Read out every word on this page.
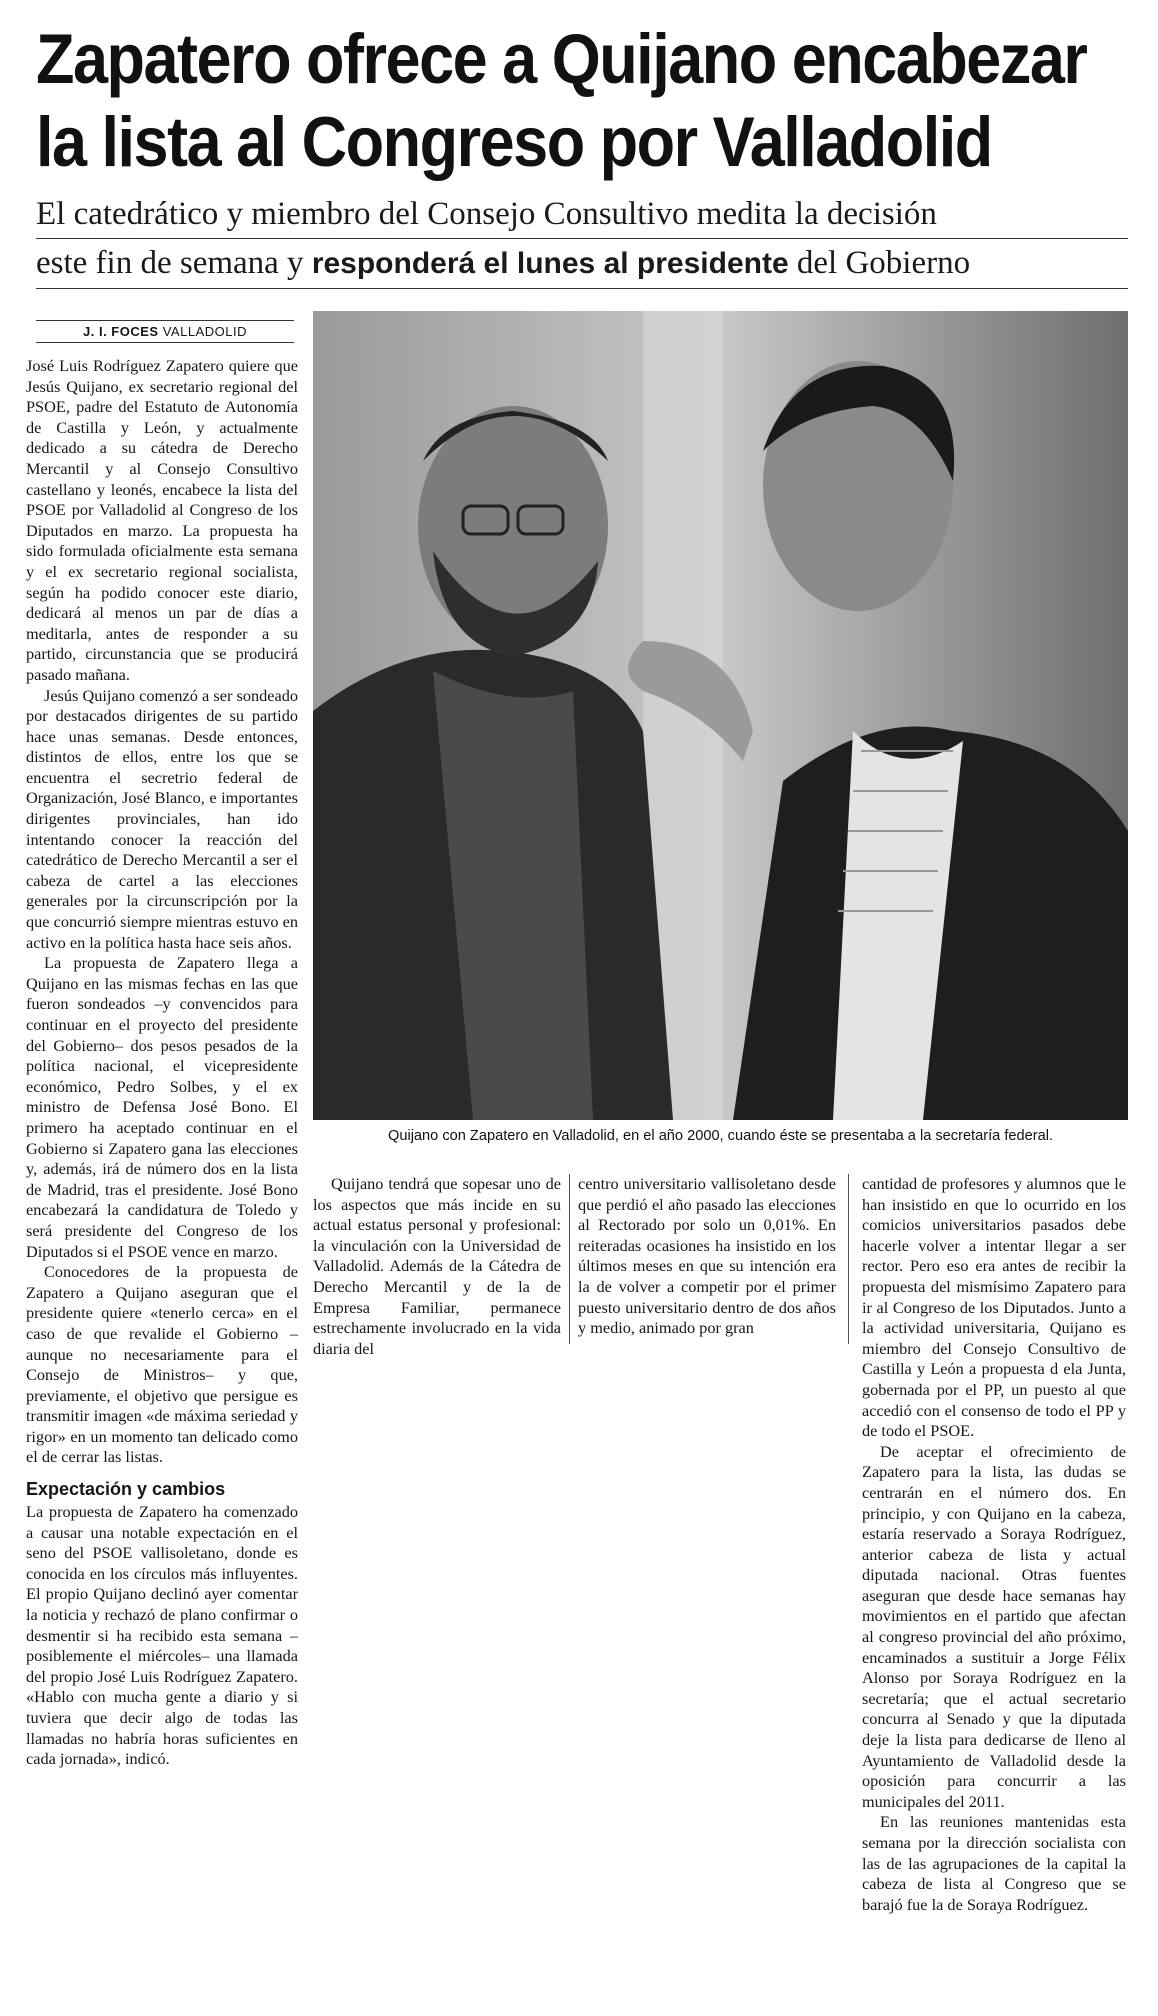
Zapatero ofrece a Quijano encabezar
la lista al Congreso por Valladolid
El catedrático y miembro del Consejo Consultivo medita la decisión
este fin de semana y responderá el lunes al presidente del Gobierno
J. I. FOCES VALLADOLID

José Luis Rodríguez Zapatero quiere que Jesús Quijano, ex secretario regional del PSOE, padre del Estatuto de Autonomía de Castilla y León, y actualmente dedicado a su cátedra de Derecho Mercantil y al Consejo Consultivo castellano y leonés, encabece la lista del PSOE por Valladolid al Congreso de los Diputados en marzo. La propuesta ha sido formulada oficialmente esta semana y el ex secretario regional socialista, según ha podido conocer este diario, dedicará al menos un par de días a meditarla, antes de responder a su partido, circunstancia que se producirá pasado mañana.

Jesús Quijano comenzó a ser sondeado por destacados dirigentes de su partido hace unas semanas. Desde entonces, distintos de ellos, entre los que se encuentra el secretrio federal de Organización, José Blanco, e importantes dirigentes provinciales, han ido intentando conocer la reacción del catedrático de Derecho Mercantil a ser el cabeza de cartel a las elecciones generales por la circunscripción por la que concurrió siempre mientras estuvo en activo en la política hasta hace seis años.

La propuesta de Zapatero llega a Quijano en las mismas fechas en las que fueron sondeados –y convencidos para continuar en el proyecto del presidente del Gobierno– dos pesos pesados de la política nacional, el vicepresidente económico, Pedro Solbes, y el ex ministro de Defensa José Bono. El primero ha aceptado continuar en el Gobierno si Zapatero gana las elecciones y, además, irá de número dos en la lista de Madrid, tras el presidente. José Bono encabezará la candidatura de Toledo y será presidente del Congreso de los Diputados si el PSOE vence en marzo.

Conocedores de la propuesta de Zapatero a Quijano aseguran que el presidente quiere «tenerlo cerca» en el caso de que revalide el Gobierno –aunque no necesariamente para el Consejo de Ministros– y que, previamente, el objetivo que persigue es transmitir imagen «de máxima seriedad y rigor» en un momento tan delicado como el de cerrar las listas.

Expectación y cambios

La propuesta de Zapatero ha comenzado a causar una notable expectación en el seno del PSOE vallisoletano, donde es conocida en los círculos más influyentes. El propio Quijano declinó ayer comentar la noticia y rechazó de plano confirmar o desmentir si ha recibido esta semana –posiblemente el miércoles– una llamada del propio José Luis Rodríguez Zapatero. «Hablo con mucha gente a diario y si tuviera que decir algo de todas las llamadas no habría horas suficientes en cada jornada», indicó.

Quijano con Zapatero en Valladolid, en el año 2000, cuando éste se presentaba a la secretaría federal.

Quijano tendrá que sopesar uno de los aspectos que más incide en su actual estatus personal y profesional: la vinculación con la Universidad de Valladolid. Además de la Cátedra de Derecho Mercantil y de la de Empresa Familiar, permanece estrechamente involucrado en la vida diaria del

centro universitario vallisoletano desde que perdió el año pasado las elecciones al Rectorado por solo un 0,01%. En reiteradas ocasiones ha insistido en los últimos meses en que su intención era la de volver a competir por el primer puesto universitario dentro de dos años y medio, animado por gran

cantidad de profesores y alumnos que le han insistido en que lo ocurrido en los comicios universitarios pasados debe hacerle volver a intentar llegar a ser rector. Pero eso era antes de recibir la propuesta del mismísimo Zapatero para ir al Congreso de los Diputados. Junto a la actividad universitaria, Quijano es miembro del Consejo Consultivo de Castilla y León a propuesta d ela Junta, gobernada por el PP, un puesto al que accedió con el consenso de todo el PP y de todo el PSOE.

De aceptar el ofrecimiento de Zapatero para la lista, las dudas se centrarán en el número dos. En principio, y con Quijano en la cabeza, estaría reservado a Soraya Rodríguez, anterior cabeza de lista y actual diputada nacional. Otras fuentes aseguran que desde hace semanas hay movimientos en el partido que afectan al congreso provincial del año próximo, encaminados a sustituir a Jorge Félix Alonso por Soraya Rodríguez en la secretaría; que el actual secretario concurra al Senado y que la diputada deje la lista para dedicarse de lleno al Ayuntamiento de Valladolid desde la oposición para concurrir a las municipales del 2011.

En las reuniones mantenidas esta semana por la dirección socialista con las de las agrupaciones de la capital la cabeza de lista al Congreso que se barajó fue la de Soraya Rodríguez.
